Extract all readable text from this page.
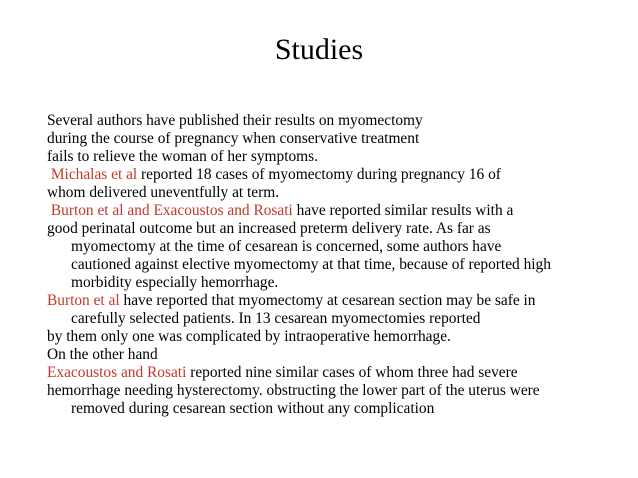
Studies

Several authors have published their results on myomectomy

during the course of pregnancy when conservative treatment

fails to relieve the woman of her symptoms.

Michalas et al reported 18 cases of myomectomy during pregnancy 16 of

whom delivered uneventfully at term.

Burton et al and Exacoustos and Rosati have reported similar results with a

good perinatal outcome but an increased preterm delivery rate. As far as
myomectomy at the time of cesarean is concerned, some authors have
cautioned against elective myomectomy at that time, because of reported high
morbidity especially hemorrhage.

Burton et al have reported that myomectomy at cesarean section may be safe in
carefully selected patients. In 13 cesarean myomectomies reported

by them only one was complicated by intraoperative hemorrhage.

On the other hand

Exacoustos and Rosati reported nine similar cases of whom three had severe

hemorrhage needing hysterectomy. obstructing the lower part of the uterus were
removed during cesarean section without any complication
